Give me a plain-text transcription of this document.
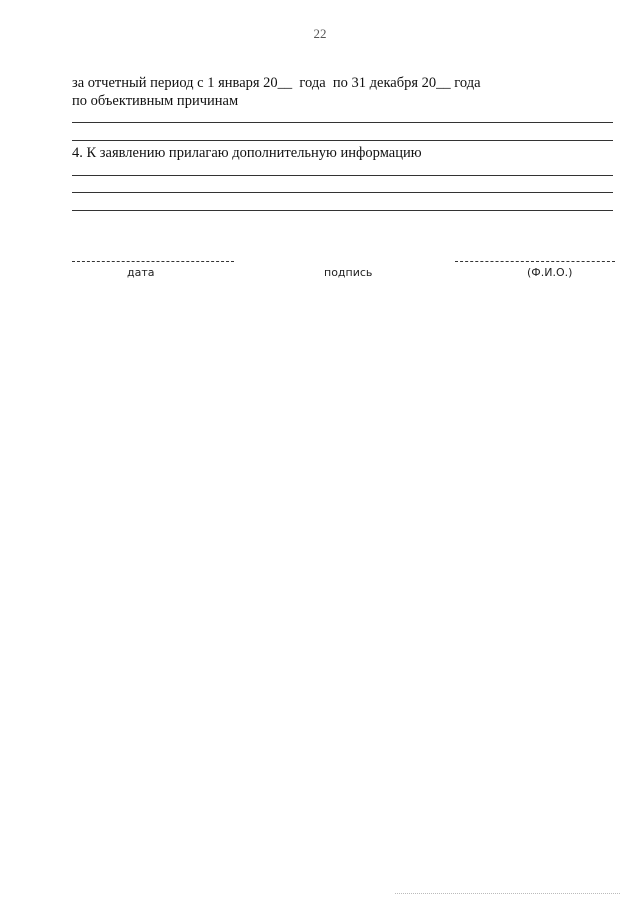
22
за отчетный период с 1 января 20__  года  по 31 декабря 20__ года
по объективным причинам
4. К заявлению прилагаю дополнительную информацию
дата	подпись	(Ф.И.О.)
